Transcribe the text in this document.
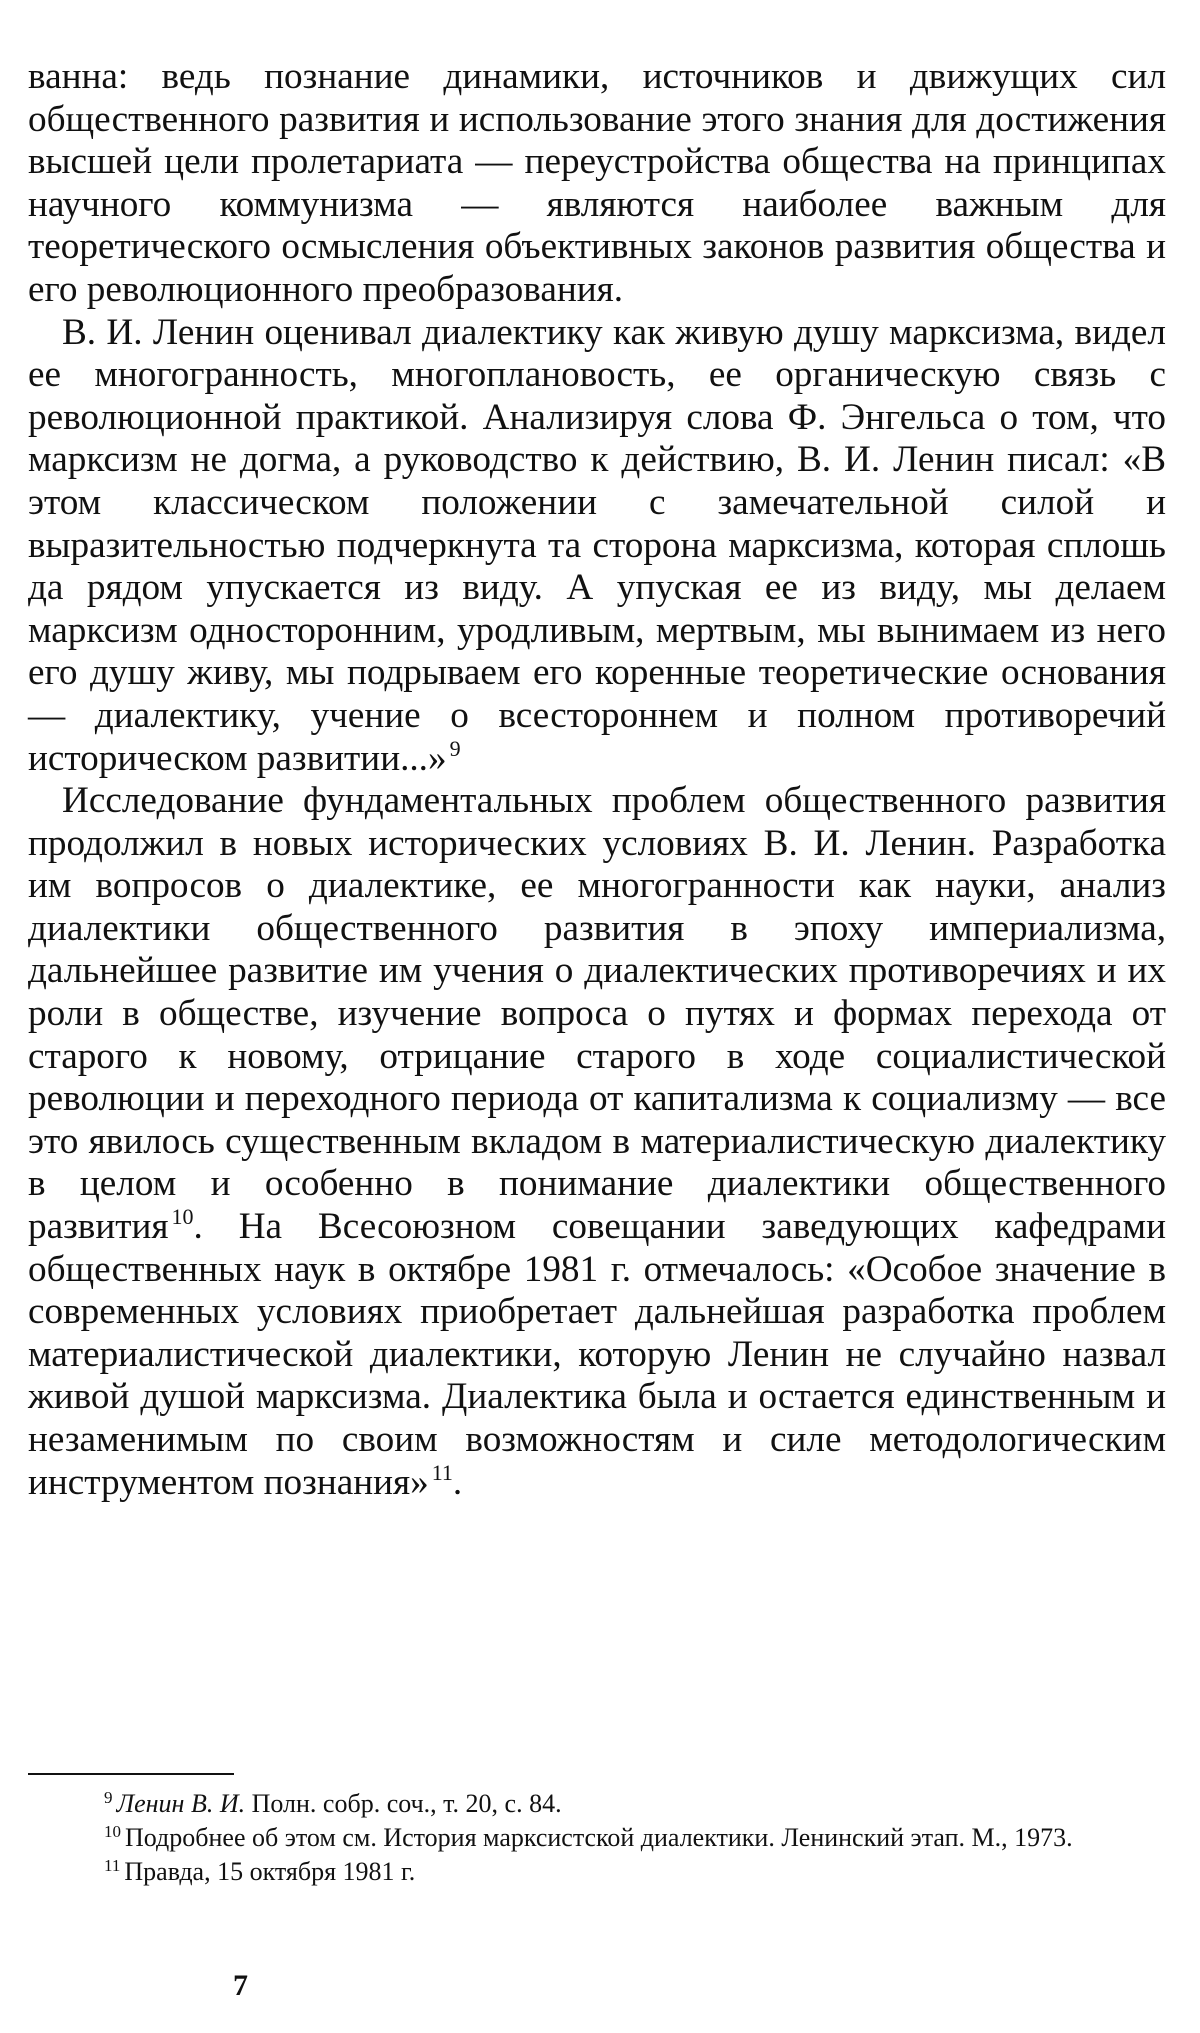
ванна: ведь познание динамики, источников и движущих сил общественного развития и использование этого знания для достижения высшей цели пролетариата — переустройства общества на принципах научного коммунизма — являются наиболее важным для теоретического осмысления объективных законов развития общества и его революционного преобразования.

В. И. Ленин оценивал диалектику как живую душу марксизма, видел ее многогранность, многоплановость, ее органическую связь с революционной практикой. Анализируя слова Ф. Энгельса о том, что марксизм не догма, а руководство к действию, В. И. Ленин писал: «В этом классическом положении с замечательной силой и выразительностью подчеркнута та сторона марксизма, которая сплошь да рядом упускается из виду. А упуская ее из виду, мы делаем марксизм односторонним, уродливым, мертвым, мы вынимаем из него его душу живу, мы подрываем его коренные теоретические основания — диалектику, учение о всестороннем и полном противоречий историческом развитии...» $^9$

Исследование фундаментальных проблем общественного развития продолжил в новых исторических условиях В. И. Ленин. Разработка им вопросов о диалектике, ее многогранности как науки, анализ диалектики общественного развития в эпоху империализма, дальнейшее развитие им учения о диалектических противоречиях и их роли в обществе, изучение вопроса о путях и формах перехода от старого к новому, отрицание старого в ходе социалистической революции и переходного периода от капитализма к социализму — все это явилось существенным вкладом в материалистическую диалектику в целом и особенно в понимание диалектики общественного развития $^{10}$. На Всесоюзном совещании заведующих кафедрами общественных наук в октябре 1981 г. отмечалось: «Особое значение в современных условиях приобретает дальнейшая разработка проблем материалистической диалектики, которую Ленин не случайно назвал живой душой марксизма. Диалектика была и остается единственным и незаменимым по своим возможностям и силе методологическим инструментом познания» $^{11}$.

$^9$ Ленин В. И. Полн. собр. соч., т. 20, с. 84.

$^{10}$ Подробнее об этом см. История марксистской диалектики. Ленинский этап. М., 1973.

$^{11}$ Правда, 15 октября 1981 г.

7
